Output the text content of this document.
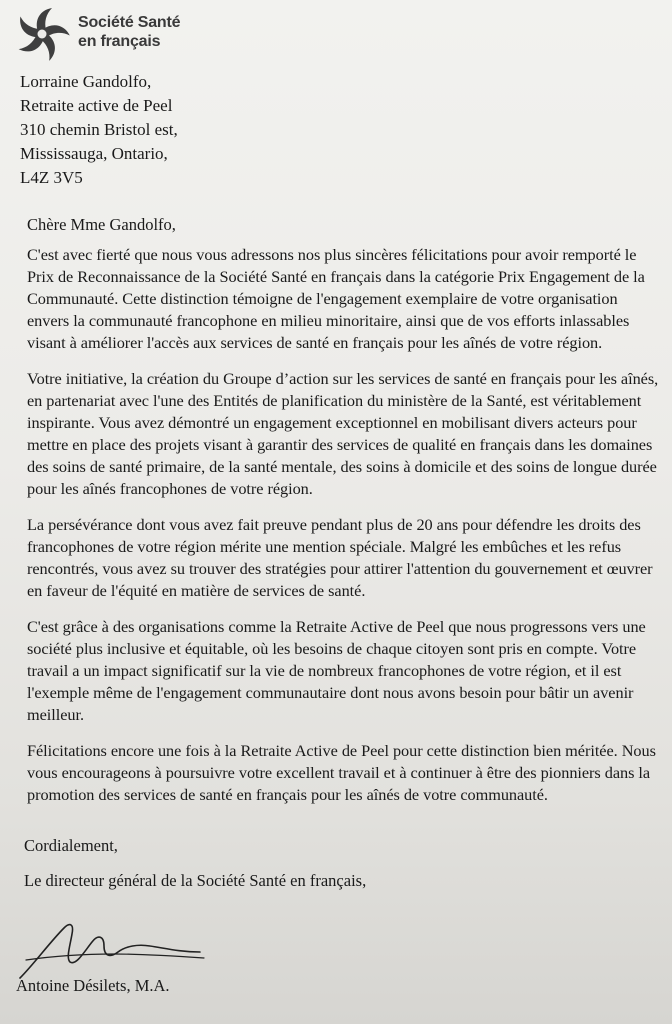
Société Santé
en français
Lorraine Gandolfo,
Retraite active de Peel
310 chemin Bristol est,
Mississauga, Ontario,
L4Z 3V5
Chère Mme Gandolfo,

C'est avec fierté que nous vous adressons nos plus sincères félicitations pour avoir remporté le Prix de Reconnaissance de la Société Santé en français dans la catégorie Prix Engagement de la Communauté. Cette distinction témoigne de l'engagement exemplaire de votre organisation envers la communauté francophone en milieu minoritaire, ainsi que de vos efforts inlassables visant à améliorer l'accès aux services de santé en français pour les aînés de votre région.

Votre initiative, la création du Groupe d’action sur les services de santé en français pour les aînés, en partenariat avec l'une des Entités de planification du ministère de la Santé, est véritablement inspirante. Vous avez démontré un engagement exceptionnel en mobilisant divers acteurs pour mettre en place des projets visant à garantir des services de qualité en français dans les domaines des soins de santé primaire, de la santé mentale, des soins à domicile et des soins de longue durée pour les aînés francophones de votre région.

La persévérance dont vous avez fait preuve pendant plus de 20 ans pour défendre les droits des francophones de votre région mérite une mention spéciale. Malgré les embûches et les refus rencontrés, vous avez su trouver des stratégies pour attirer l'attention du gouvernement et œuvrer en faveur de l'équité en matière de services de santé.

C'est grâce à des organisations comme la Retraite Active de Peel que nous progressons vers une société plus inclusive et équitable, où les besoins de chaque citoyen sont pris en compte. Votre travail a un impact significatif sur la vie de nombreux francophones de votre région, et il est l'exemple même de l'engagement communautaire dont nous avons besoin pour bâtir un avenir meilleur.

Félicitations encore une fois à la Retraite Active de Peel pour cette distinction bien méritée. Nous vous encourageons à poursuivre votre excellent travail et à continuer à être des pionniers dans la promotion des services de santé en français pour les aînés de votre communauté.

Cordialement,
Le directeur général de la Société Santé en français,
Antoine Désilets, M.A.
